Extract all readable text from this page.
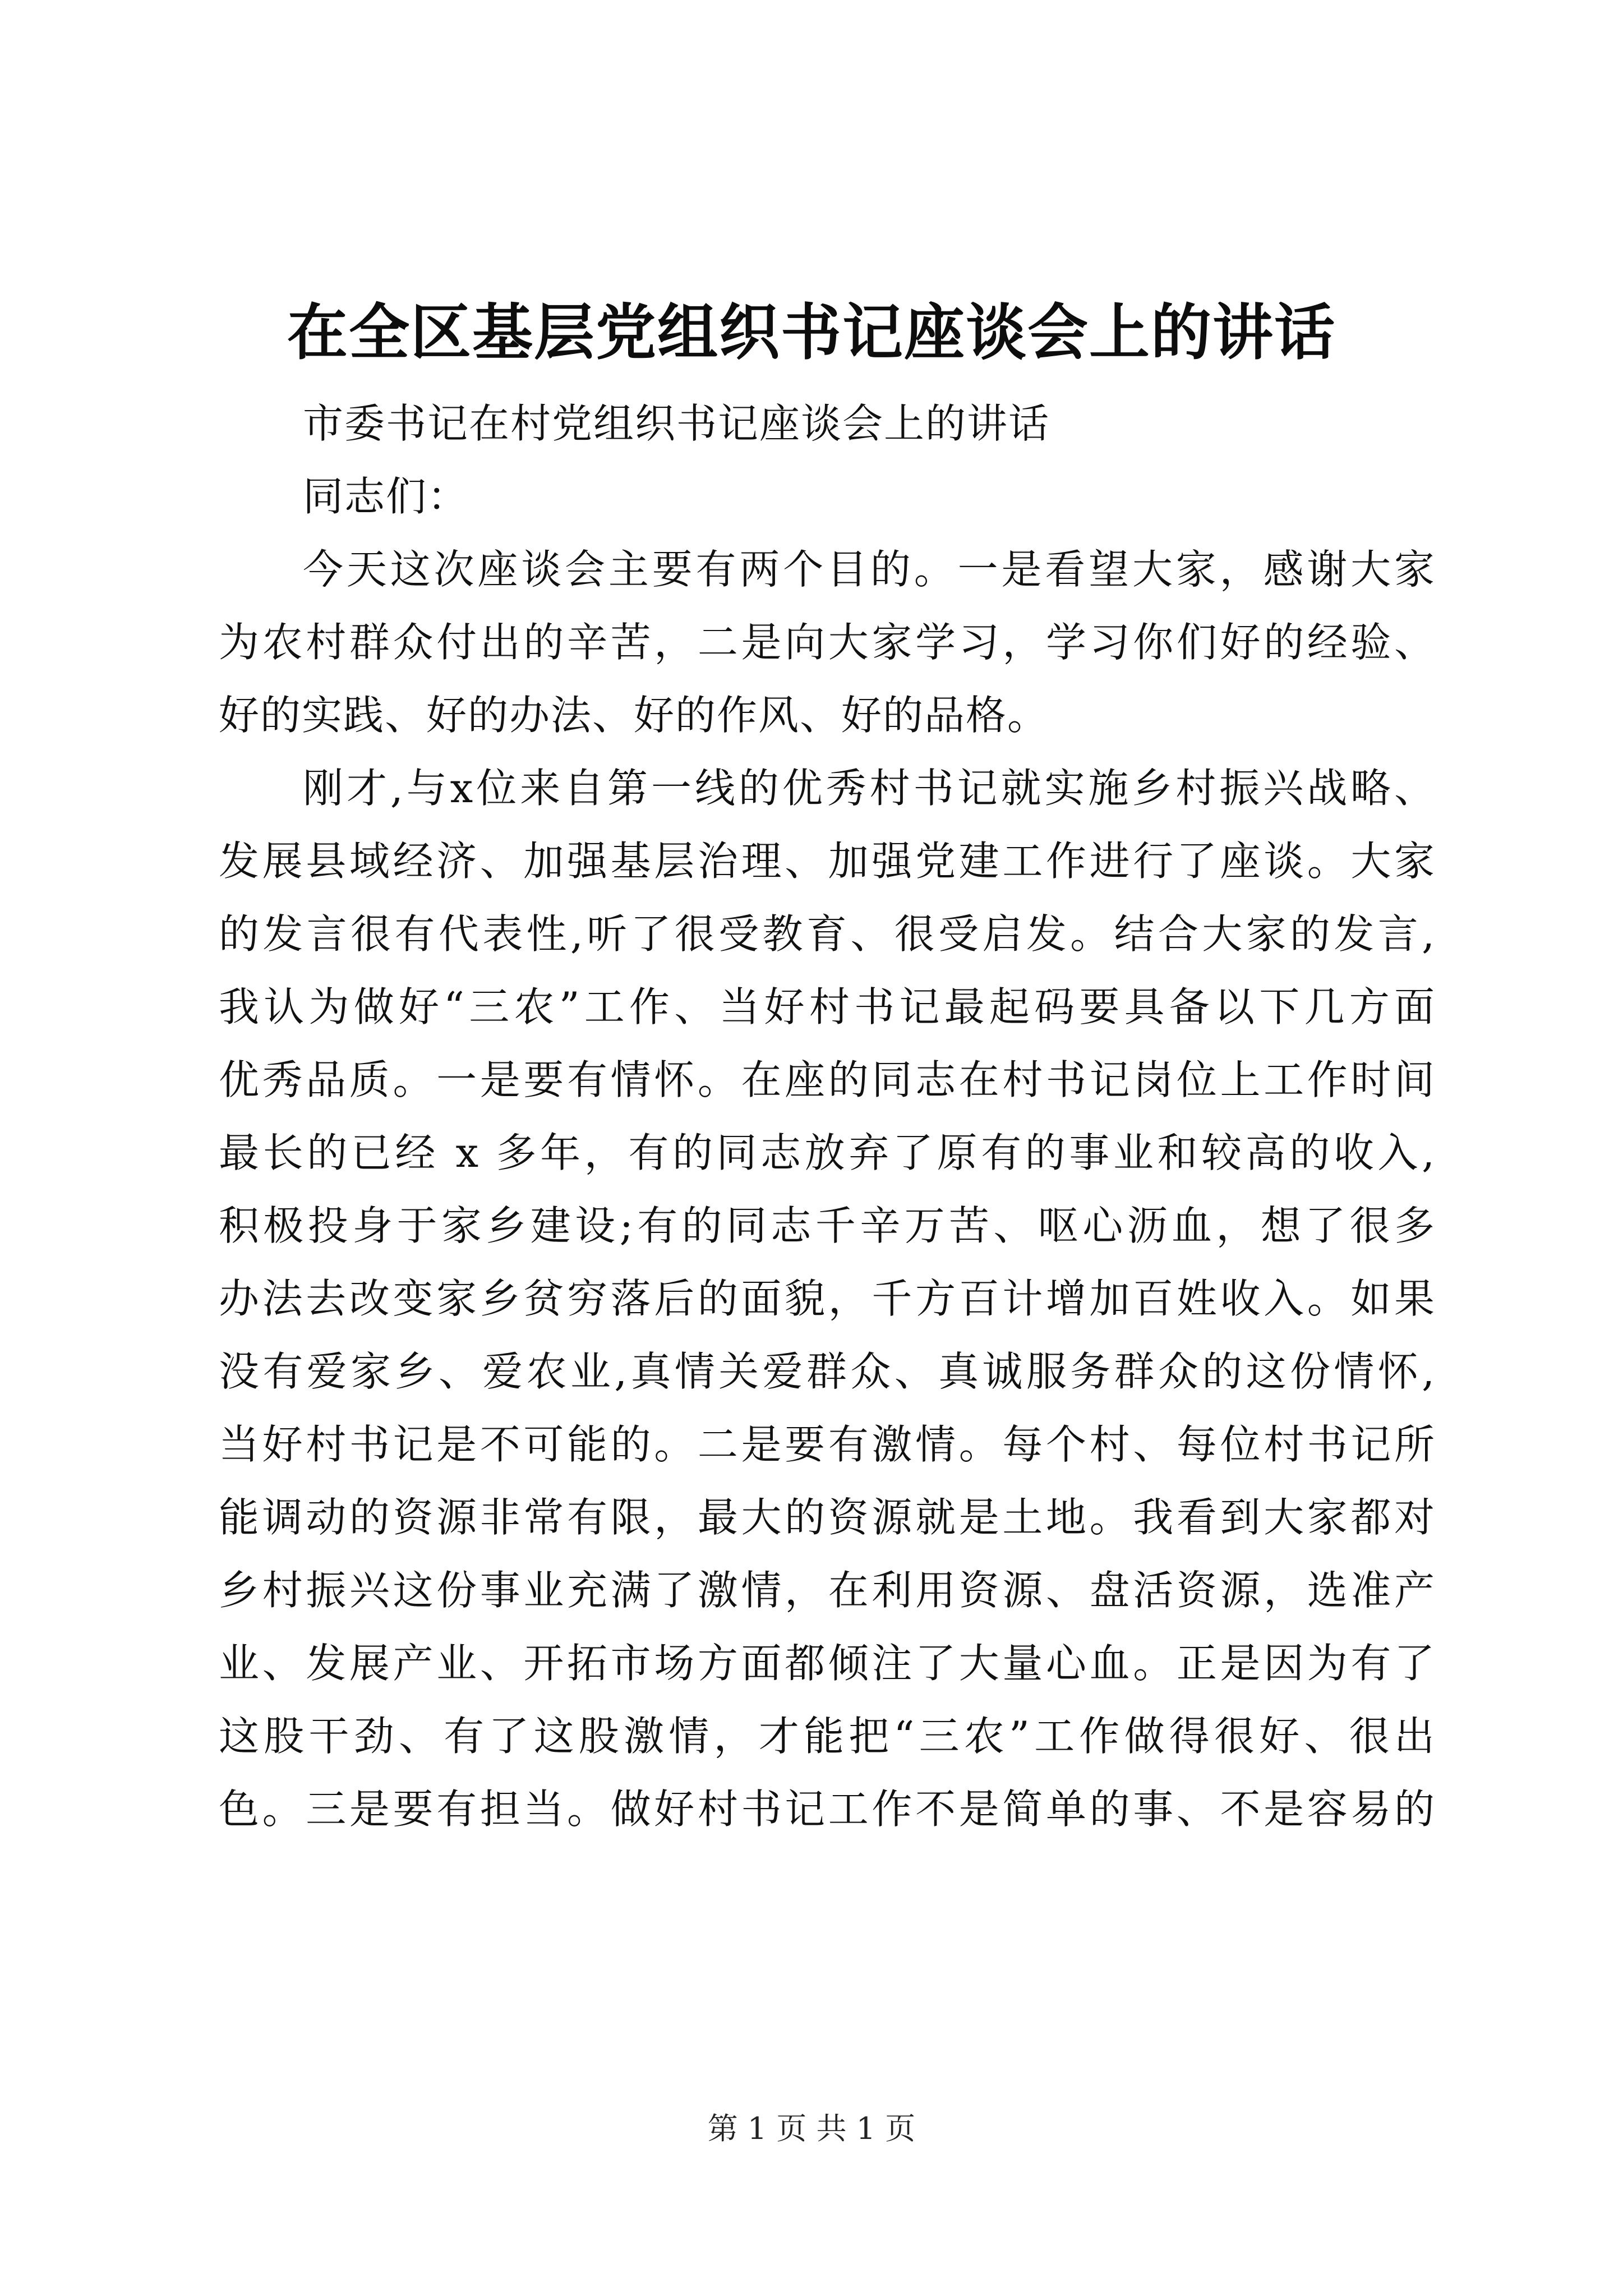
在全区基层党组织书记座谈会上的讲话
市委书记在村党组织书记座谈会上的讲话
同志们：
今天这次座谈会主要有两个目的。一是看望大家，感谢大家
为农村群众付出的辛苦，二是向大家学习，学习你们好的经验、
好的实践、好的办法、好的作风、好的品格。
刚才,与x位来自第一线的优秀村书记就实施乡村振兴战略、
发展县域经济、加强基层治理、加强党建工作进行了座谈。大家
的发言很有代表性,听了很受教育、很受启发。结合大家的发言,
我认为做好“三农”工作、当好村书记最起码要具备以下几方面
优秀品质。一是要有情怀。在座的同志在村书记岗位上工作时间
最长的已经 x 多年，有的同志放弃了原有的事业和较高的收入,
积极投身于家乡建设;有的同志千辛万苦、呕心沥血，想了很多
办法去改变家乡贫穷落后的面貌，千方百计增加百姓收入。如果
没有爱家乡、爱农业,真情关爱群众、真诚服务群众的这份情怀,
当好村书记是不可能的。二是要有激情。每个村、每位村书记所
能调动的资源非常有限，最大的资源就是土地。我看到大家都对
乡村振兴这份事业充满了激情，在利用资源、盘活资源，选准产
业、发展产业、开拓市场方面都倾注了大量心血。正是因为有了
这股干劲、有了这股激情，才能把“三农”工作做得很好、很出
色。三是要有担当。做好村书记工作不是简单的事、不是容易的
第 1 页 共 1 页
